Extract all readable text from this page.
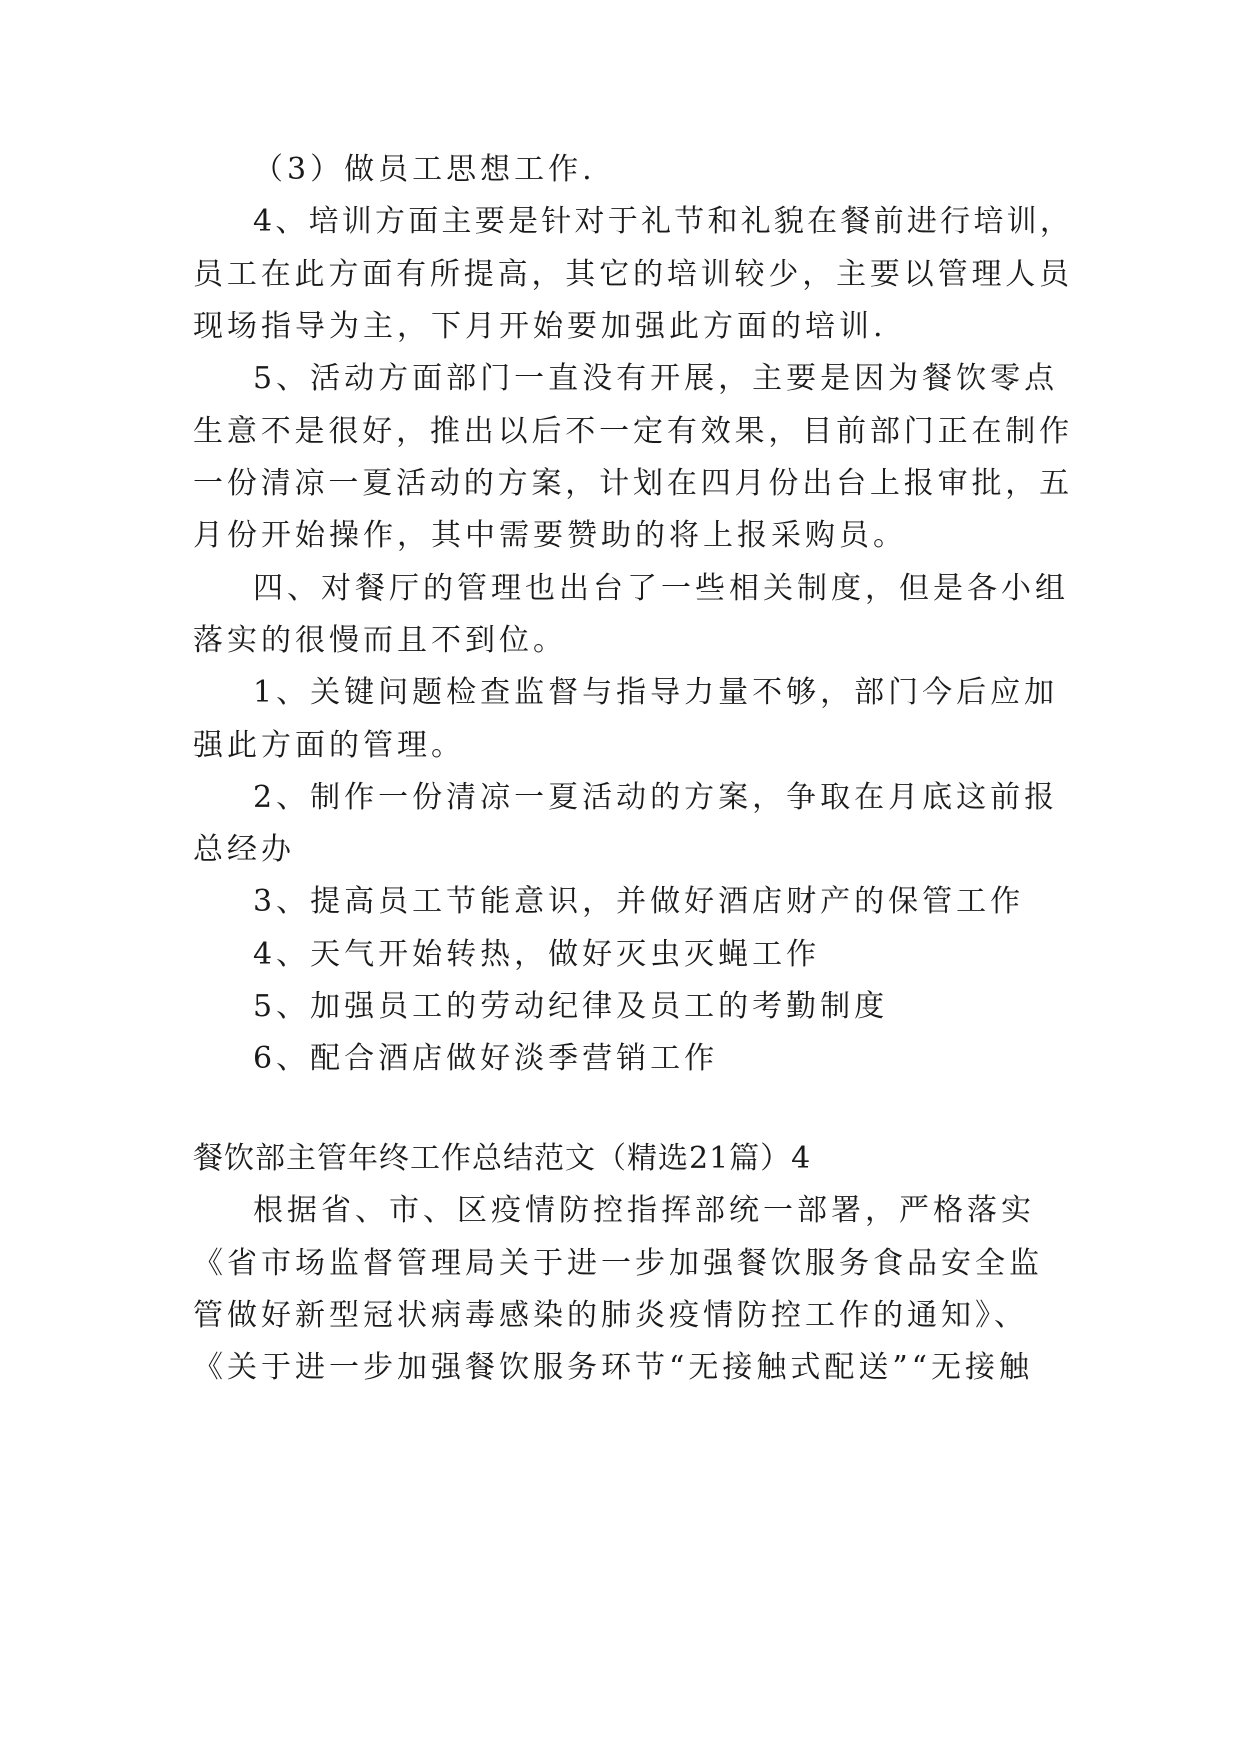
（3）做员工思想工作.
4、培训方面主要是针对于礼节和礼貌在餐前进行培训，
员工在此方面有所提高，其它的培训较少，主要以管理人员
现场指导为主，下月开始要加强此方面的培训.
5、活动方面部门一直没有开展，主要是因为餐饮零点
生意不是很好，推出以后不一定有效果，目前部门正在制作
一份清凉一夏活动的方案，计划在四月份出台上报审批，五
月份开始操作，其中需要赞助的将上报采购员。
四、对餐厅的管理也出台了一些相关制度，但是各小组
落实的很慢而且不到位。
1、关键问题检查监督与指导力量不够，部门今后应加
强此方面的管理。
2、制作一份清凉一夏活动的方案，争取在月底这前报
总经办
3、提高员工节能意识，并做好酒店财产的保管工作
4、天气开始转热，做好灭虫灭蝇工作
5、加强员工的劳动纪律及员工的考勤制度
6、配合酒店做好淡季营销工作
餐饮部主管年终工作总结范文（精选21篇）4
根据省、市、区疫情防控指挥部统一部署，严格落实
《省市场监督管理局关于进一步加强餐饮服务食品安全监
管做好新型冠状病毒感染的肺炎疫情防控工作的通知》、
《关于进一步加强餐饮服务环节“无接触式配送”“无接触
